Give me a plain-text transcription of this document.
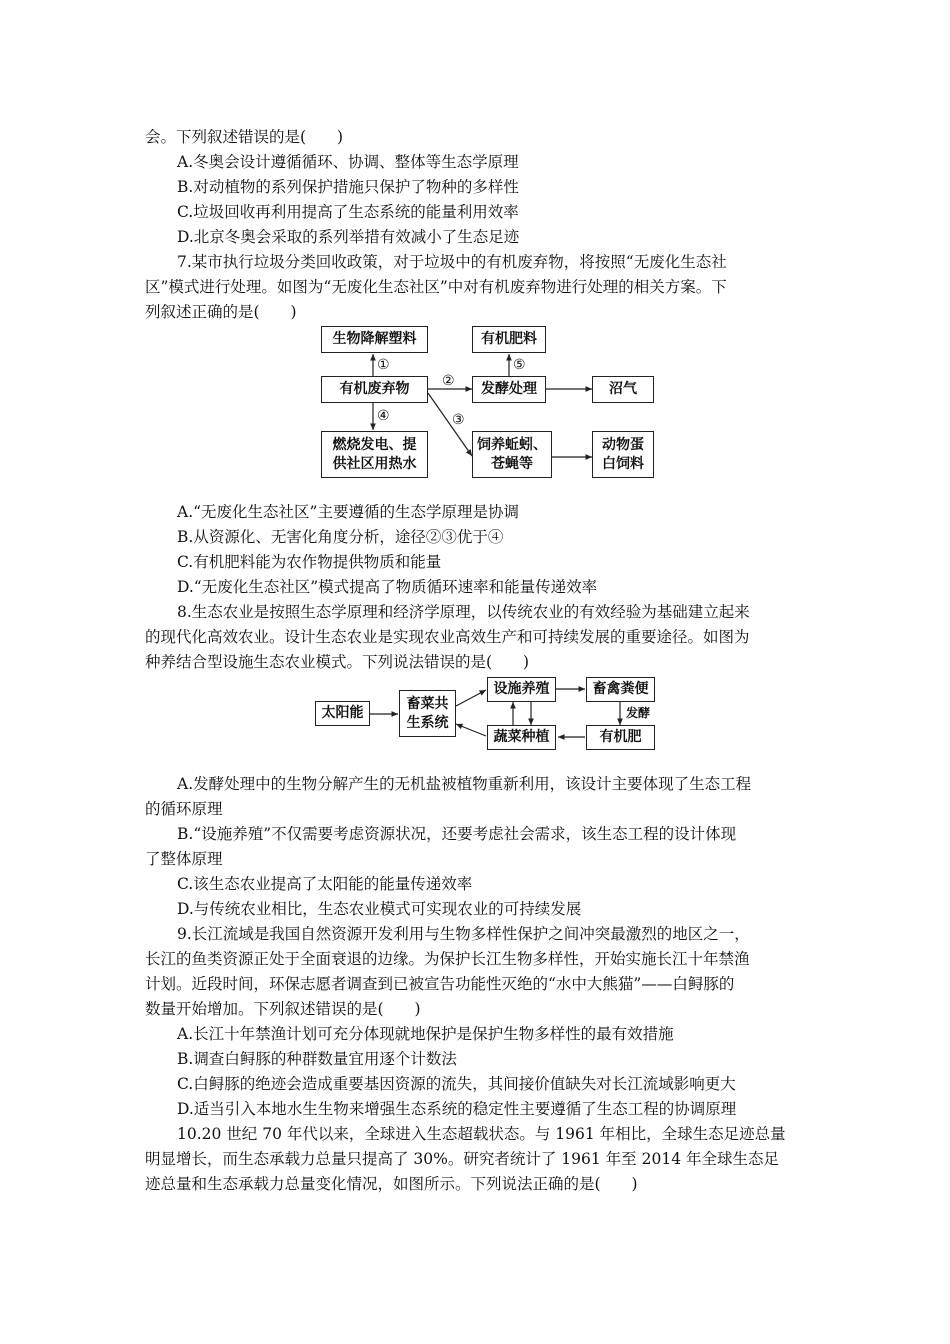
会。下列叙述错误的是(　　)
A.冬奥会设计遵循循环、协调、整体等生态学原理
B.对动植物的系列保护措施只保护了物种的多样性
C.垃圾回收再利用提高了生态系统的能量利用效率
D.北京冬奥会采取的系列举措有效减小了生态足迹
7.某市执行垃圾分类回收政策，对于垃圾中的有机废弃物，将按照“无废化生态社
区”模式进行处理。如图为“无废化生态社区”中对有机废弃物进行处理的相关方案。下
列叙述正确的是(　　)
生物降解塑料
有机废弃物
燃烧发电、提
供社区用热水
有机肥料
发酵处理
饲养蚯蚓、
苍蝇等
沼气
动物蛋
白饲料
①
④
②
③
⑤
A.“无废化生态社区”主要遵循的生态学原理是协调
B.从资源化、无害化角度分析，途径②③优于④
C.有机肥料能为农作物提供物质和能量
D.“无废化生态社区”模式提高了物质循环速率和能量传递效率
8.生态农业是按照生态学原理和经济学原理，以传统农业的有效经验为基础建立起来
的现代化高效农业。设计生态农业是实现农业高效生产和可持续发展的重要途径。如图为
种养结合型设施生态农业模式。下列说法错误的是(　　)
太阳能
畜菜共
生系统
设施养殖
蔬菜种植
畜禽粪便
有机肥
发酵
A.发酵处理中的生物分解产生的无机盐被植物重新利用，该设计主要体现了生态工程
的循环原理
B.“设施养殖”不仅需要考虑资源状况，还要考虑社会需求，该生态工程的设计体现
了整体原理
C.该生态农业提高了太阳能的能量传递效率
D.与传统农业相比，生态农业模式可实现农业的可持续发展
9.长江流域是我国自然资源开发利用与生物多样性保护之间冲突最激烈的地区之一，
长江的鱼类资源正处于全面衰退的边缘。为保护长江生物多样性，开始实施长江十年禁渔
计划。近段时间，环保志愿者调查到已被宣告功能性灭绝的“水中大熊猫”——白鲟豚的
数量开始增加。下列叙述错误的是(　　)
A.长江十年禁渔计划可充分体现就地保护是保护生物多样性的最有效措施
B.调查白鲟豚的种群数量宜用逐个计数法
C.白鲟豚的绝迹会造成重要基因资源的流失，其间接价值缺失对长江流域影响更大
D.适当引入本地水生生物来增强生态系统的稳定性主要遵循了生态工程的协调原理
10.20 世纪 70 年代以来，全球进入生态超载状态。与 1961 年相比，全球生态足迹总量
明显增长，而生态承载力总量只提高了 30%。研究者统计了 1961 年至 2014 年全球生态足
迹总量和生态承载力总量变化情况，如图所示。下列说法正确的是(　　)
